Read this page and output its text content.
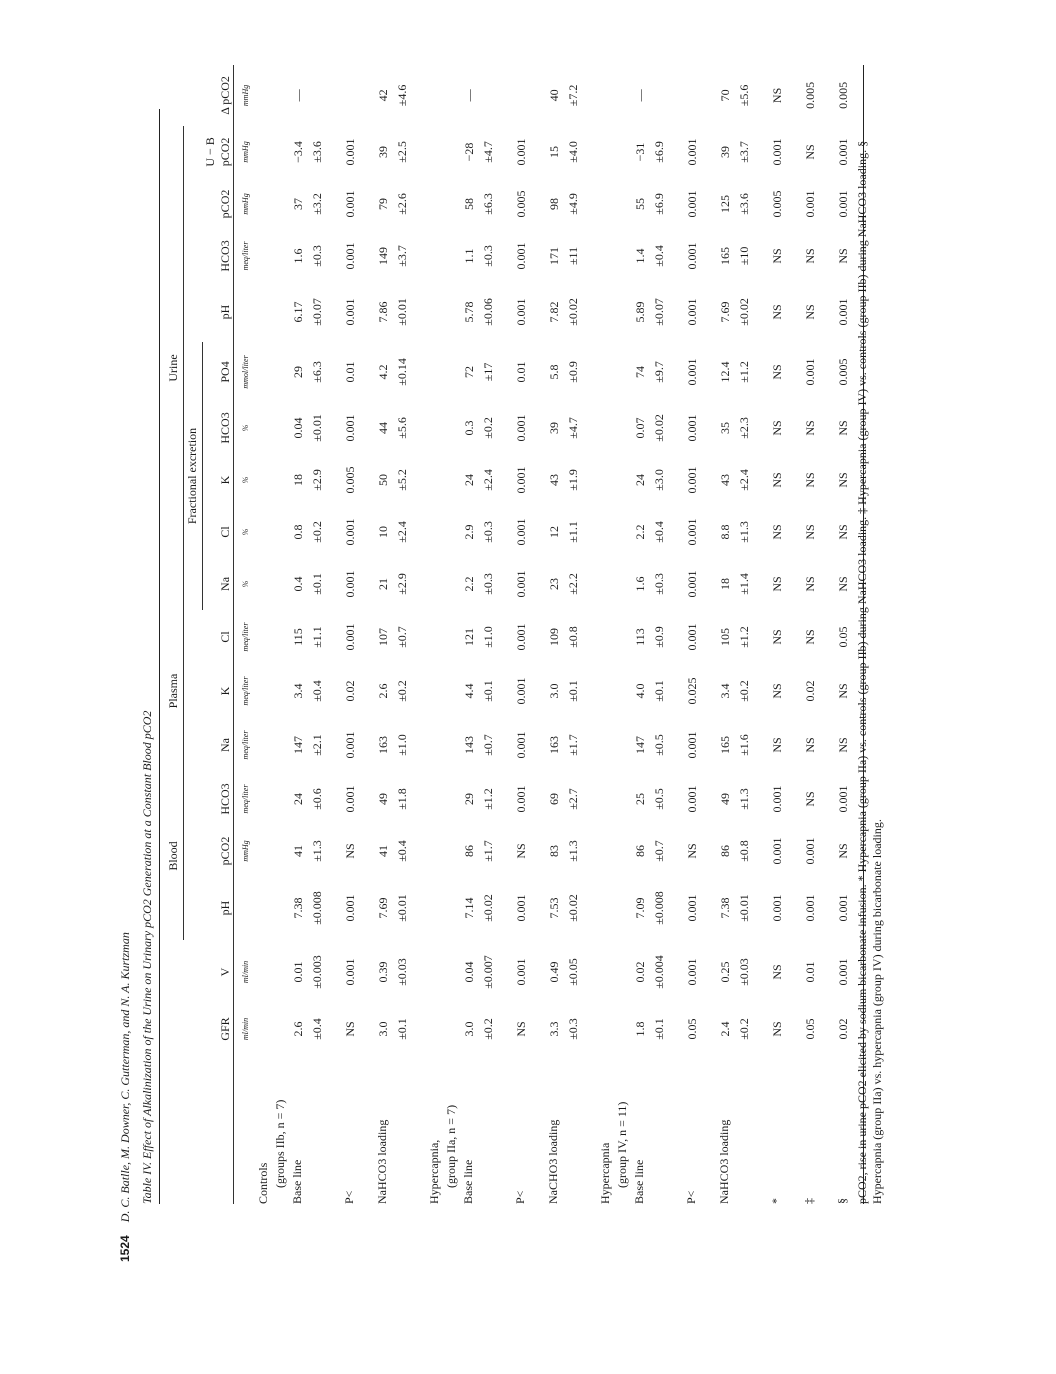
1524 D. C. Batlle, M. Downer, C. Gutterman, and N. A. Kurtzman Table IV. Effect of Alkalinization of the Urine on Urinary pCO2 Generation at a Constant Blood pCO2
			Blood			Plasma			Urine									
									Fractional excretion									
	GFR	V	pH	pCO2	HCO3	Na	K	Cl	Na	Cl	K	HCO3	PO4	pH	HCO3	pCO2	U − B pCO2	Δ pCO2
	ml/min	ml/min		mmHg	meq/liter	meq/liter	meq/liter	meq/liter	%	%	%	%	mmol/liter		meq/liter	mmHg	mmHg	mmHg

Controls (groups IIb, n = 7)																		

Base line	2.6 ±0.4	0.01 ±0.003	7.38 ±0.008	41 ±1.3	24 ±0.6	147 ±2.1	3.4 ±0.4	115 ±1.1	0.4 ±0.1	0.8 ±0.2	18 ±2.9	0.04 ±0.01	29 ±6.3	6.17 ±0.07	1.6 ±0.3	37 ±3.2	−3.4 ±3.6	—

P<	NS	0.001	0.001	NS	0.001	0.001	0.02	0.001	0.001	0.001	0.005	0.001	0.01	0.001	0.001	0.001	0.001	

NaHCO3 loading	3.0 ±0.1	0.39 ±0.03	7.69 ±0.01	41 ±0.4	49 ±1.8	163 ±1.0	2.6 ±0.2	107 ±0.7	21 ±2.9	10 ±2.4	50 ±5.2	44 ±5.6	4.2 ±0.14	7.86 ±0.01	149 ±3.7	79 ±2.6	39 ±2.5	42 ±4.6

Hypercapnia, (group IIa, n = 7)																		

Base line	3.0 ±0.2	0.04 ±0.007	7.14 ±0.02	86 ±1.7	29 ±1.2	143 ±0.7	4.4 ±0.1	121 ±1.0	2.2 ±0.3	2.9 ±0.3	24 ±2.4	0.3 ±0.2	72 ±17	5.78 ±0.06	1.1 ±0.3	58 ±6.3	−28 ±4.7	—

P<	NS	0.001	0.001	NS	0.001	0.001	0.001	0.001	0.001	0.001	0.001	0.001	0.01	0.001	0.001	0.005	0.001	

NaCHO3 loading	3.3 ±0.3	0.49 ±0.05	7.53 ±0.02	83 ±1.3	69 ±2.7	163 ±1.7	3.0 ±0.1	109 ±0.8	23 ±2.2	12 ±1.1	43 ±1.9	39 ±4.7	5.8 ±0.9	7.82 ±0.02	171 ±11	98 ±4.9	15 ±4.0	40 ±7.2

Hypercapnia (group IV, n = 11)																		

Base line	1.8 ±0.1	0.02 ±0.004	7.09 ±0.008	86 ±0.7	25 ±0.5	147 ±0.5	4.0 ±0.1	113 ±0.9	1.6 ±0.3	2.2 ±0.4	24 ±3.0	0.07 ±0.02	74 ±9.7	5.89 ±0.07	1.4 ±0.4	55 ±6.9	−31 ±6.9	—

P<	0.05	0.001	0.001	NS	0.001	0.001	0.025	0.001	0.001	0.001	0.001	0.001	0.001	0.001	0.001	0.001	0.001	

NaHCO3 loading	2.4 ±0.2	0.25 ±0.03	7.38 ±0.01	86 ±0.8	49 ±1.3	165 ±1.6	3.4 ±0.2	105 ±1.2	18 ±1.4	8.8 ±1.3	43 ±2.4	35 ±2.3	12.4 ±1.2	7.69 ±0.02	165 ±10	125 ±3.6	39 ±3.7	70 ±5.6

*	NS	NS	0.001	0.001	0.001	NS	NS	NS	NS	NS	NS	NS	NS	NS	NS	0.005	0.001	NS
‡	0.05	0.01	0.001	0.001	NS	NS	0.02	NS	NS	NS	NS	NS	0.001	NS	NS	0.001	NS	0.005
§	0.02	0.001	0.001	NS	0.001	NS	NS	0.05	NS	NS	NS	NS	0.005	0.001	NS	0.001	0.001	0.005
pCO2, rise in urine pCO2 elicited by sodium bicarbonate infusion. * Hypercapnia (group IIa) vs. controls (group IIb) during NaHCO3 loading. ‡ Hypercapnia (group IV) vs. controls (group IIb) during NaHCO3 loading. § Hypercapnia (group IIa) vs. hypercapnia (group IV) during bicarbonate loading.
